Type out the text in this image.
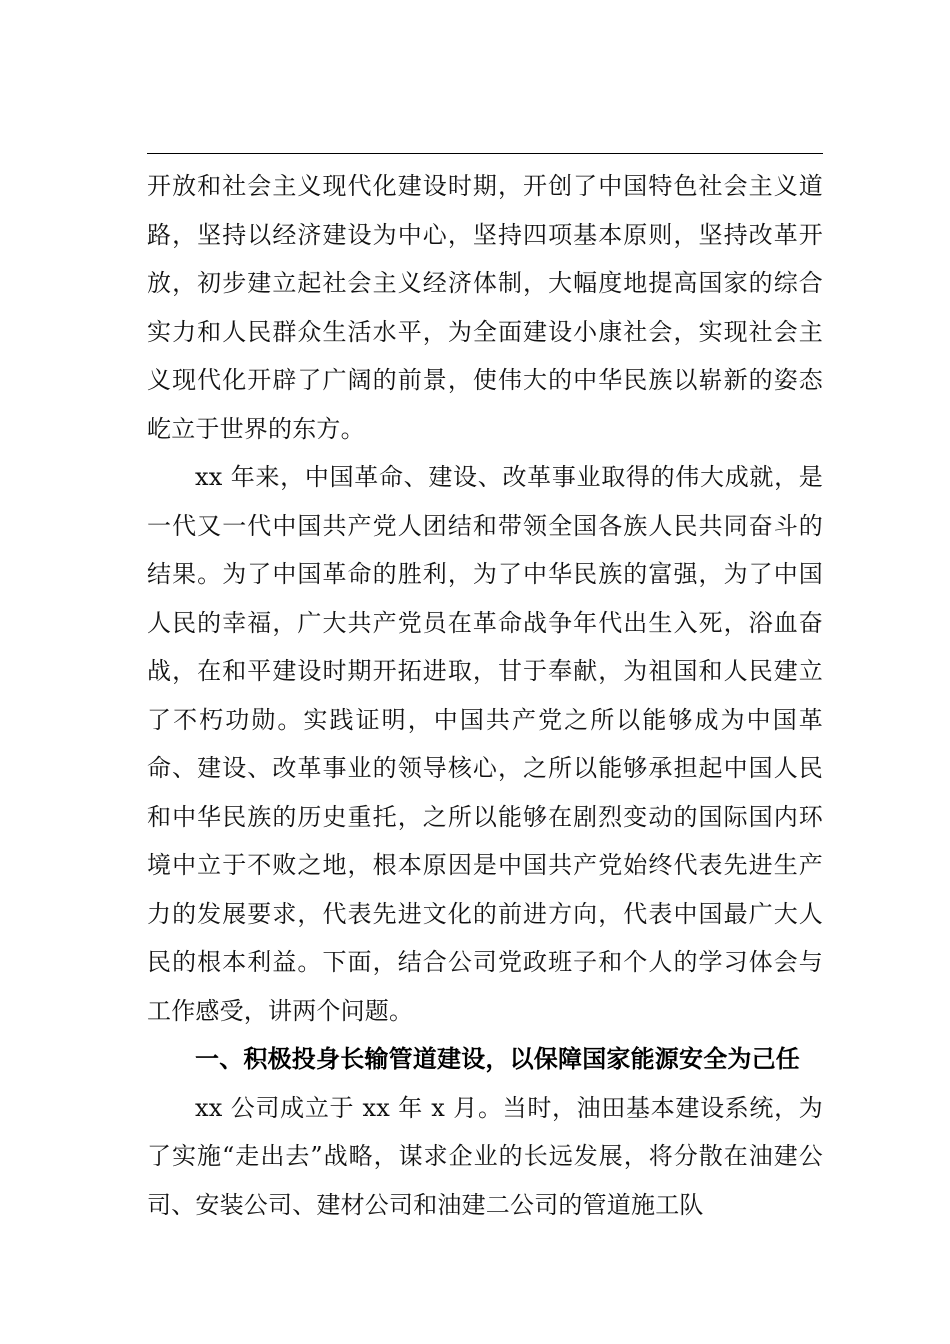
开放和社会主义现代化建设时期，开创了中国特色社会主义道路，坚持以经济建设为中心，坚持四项基本原则，坚持改革开放，初步建立起社会主义经济体制，大幅度地提高国家的综合实力和人民群众生活水平，为全面建设小康社会，实现社会主义现代化开辟了广阔的前景，使伟大的中华民族以崭新的姿态屹立于世界的东方。

xx 年来，中国革命、建设、改革事业取得的伟大成就，是一代又一代中国共产党人团结和带领全国各族人民共同奋斗的结果。为了中国革命的胜利，为了中华民族的富强，为了中国人民的幸福，广大共产党员在革命战争年代出生入死，浴血奋战，在和平建设时期开拓进取，甘于奉献，为祖国和人民建立了不朽功勋。实践证明，中国共产党之所以能够成为中国革命、建设、改革事业的领导核心，之所以能够承担起中国人民和中华民族的历史重托，之所以能够在剧烈变动的国际国内环境中立于不败之地，根本原因是中国共产党始终代表先进生产力的发展要求，代表先进文化的前进方向，代表中国最广大人民的根本利益。下面，结合公司党政班子和个人的学习体会与工作感受，讲两个问题。

一、积极投身长输管道建设，以保障国家能源安全为己任

xx 公司成立于 xx 年 x 月。当时，油田基本建设系统，为了实施“走出去”战略，谋求企业的长远发展，将分散在油建公司、安装公司、建材公司和油建二公司的管道施工队
